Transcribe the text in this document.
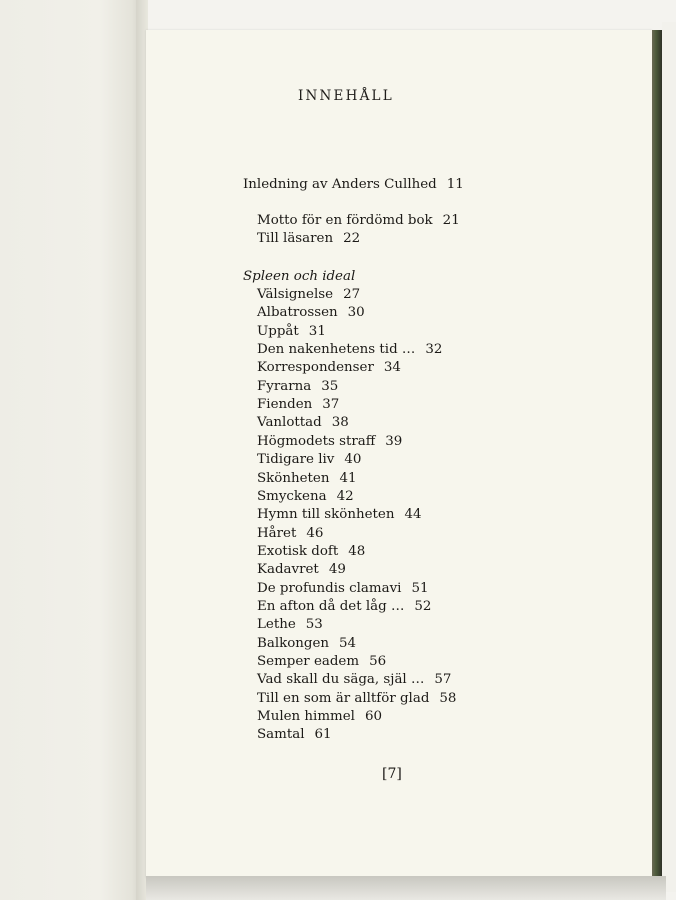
INNEHÅLL
Inledning av Anders Cullhed 11
Motto för en fördömd bok 21
Till läsaren 22
Spleen och ideal
Välsignelse 27
Albatrossen 30
Uppåt 31
Den nakenhetens tid … 32
Korrespondenser 34
Fyrarna 35
Fienden 37
Vanlottad 38
Högmodets straff 39
Tidigare liv 40
Skönheten 41
Smyckena 42
Hymn till skönheten 44
Håret 46
Exotisk doft 48
Kadavret 49
De profundis clamavi 51
En afton då det låg … 52
Lethe 53
Balkongen 54
Semper eadem 56
Vad skall du säga, själ … 57
Till en som är alltför glad 58
Mulen himmel 60
Samtal 61
[7]
